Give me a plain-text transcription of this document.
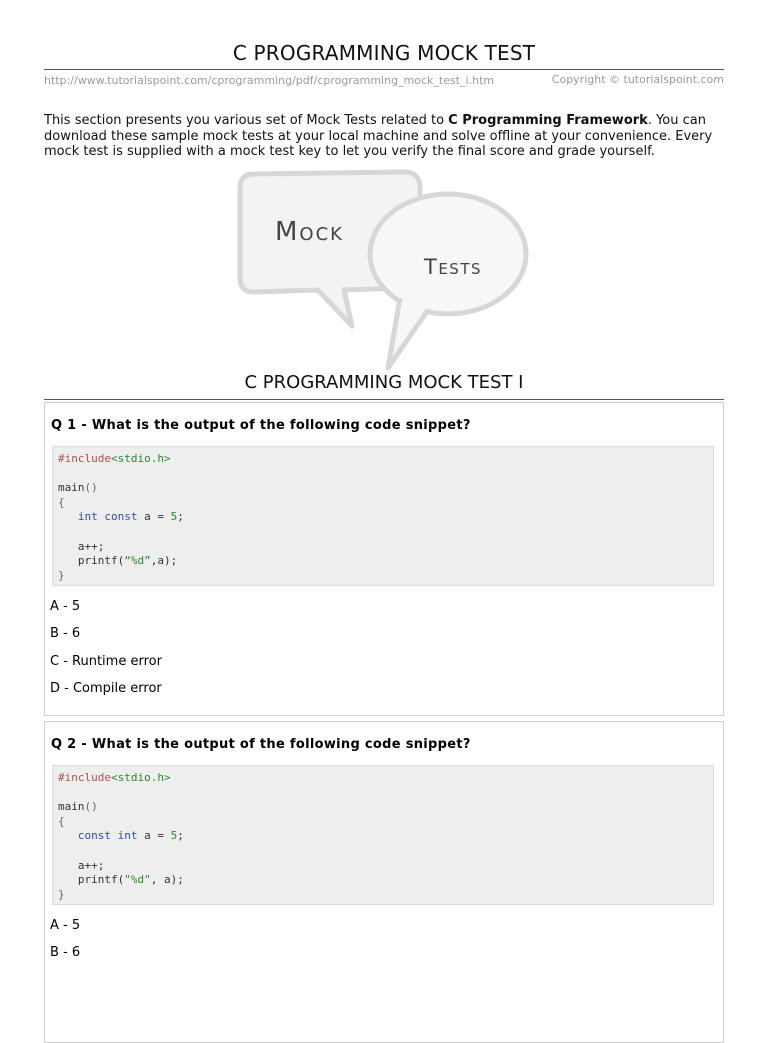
C PROGRAMMING MOCK TEST
http://www.tutorialspoint.com/cprogramming/pdf/cprogramming_mock_test_i.htm	Copyright © tutorialspoint.com
This section presents you various set of Mock Tests related to C Programming Framework. You can download these sample mock tests at your local machine and solve offline at your convenience. Every mock test is supplied with a mock test key to let you verify the final score and grade yourself.
Mock
Tests
C PROGRAMMING MOCK TEST I
Q 1 - What is the output of the following code snippet?
#include<stdio.h>
main()
{
int const a = 5;
a++;
printf(“%d”,a);
}
A - 5
B - 6
C - Runtime error
D - Compile error
Q 2 - What is the output of the following code snippet?
#include<stdio.h>
main()
{
const int a = 5;
a++;
printf("%d", a);
}
A - 5
B - 6
